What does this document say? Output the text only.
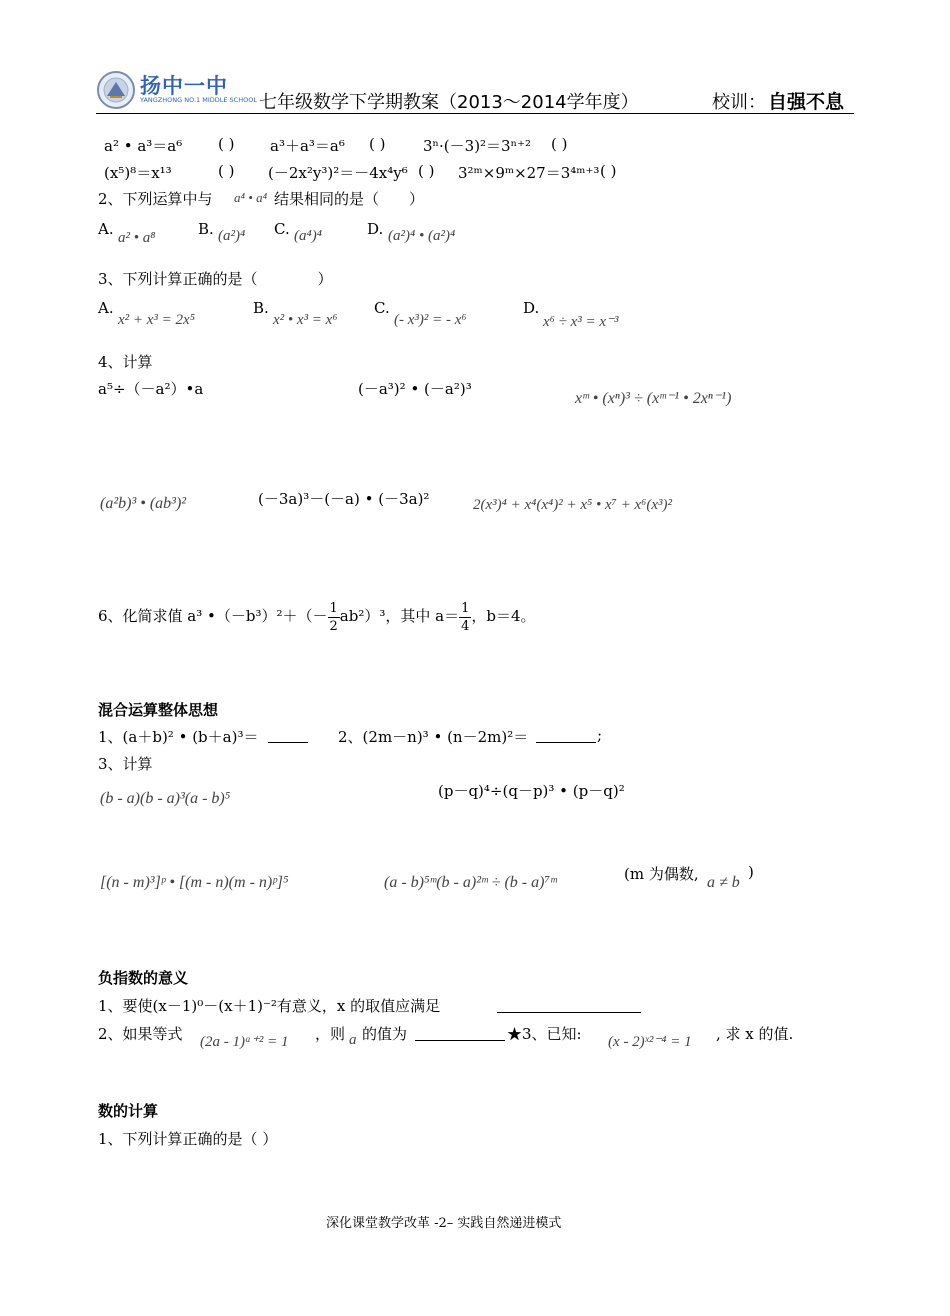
扬中一中
YANGZHONG NO.1 MIDDLE SCHOOL 七年级数学下学期教案（2013～2014学年度）	校训： 自强不息
a² • a³＝a⁶ ( ) a³＋a³＝a⁶ ( )	3ⁿ·(－3)²＝3ⁿ⁺² ( )
(x⁵)⁸＝x¹³	( ) (－2x²y³)²＝－4x⁴y⁶ ( ) 3²ᵐ×9ᵐ×27＝3⁴ᵐ⁺³ ( )
2、下列运算中与 a⁴ • a⁴ 结果相同的是（　　）
A. a² • a⁸	B. (a²)⁴ C. (a⁴)⁴	D. (a²)⁴ • (a²)⁴
3、下列计算正确的是（　　　　）
A.
x² + x³ = 2x⁵
B.
x² • x³ = x⁶
C.
(- x³)² = - x⁶
D.
x⁶ ÷ x³ = x⁻³
4、计算
a⁵÷（－a²）•a	(－a³)² • (－a²)³
xᵐ • (xⁿ)³ ÷ (xᵐ⁻¹ • 2xⁿ⁻¹)
(a²b)³ • (ab³)²	(－3a)³－(－a) • (－3a)²	2(x³)⁴ + x⁴(x⁴)² + x⁵ • x⁷ + x⁶(x³)²
6、化简求值 a³ •（－b³）²＋（－ $\frac{1}{2} ab^2)^3$，其中 $a= \frac{1}{4}$ ，b＝4。
混合运算整体思想
1、(a＋b)² • (b＋a)³＝	2、(2m－n)³ • (n－2m)²＝	;
3、计算
(b - a)(b - a)³(a - b)⁵	(p－q)⁴÷(q－p)³ • (p－q)²
[(n - m)³]ᵖ • [(m - n)(m - n)ᵖ]⁵	(a - b)⁵ᵐ(b - a)²ᵐ ÷ (b - a)⁷ᵐ	(m 为偶数, a ≠ b
)
负指数的意义
1、要使(x－1)⁰－(x＋1)⁻²有意义，x 的取值应满足
2、如果等式 (2a - 1)ᵃ⁺² = 1 ，则 a 的值为	★3、已知: (x - 2)ˣ²⁻⁴ = 1 , 求 x 的值.
数的计算
1、下列计算正确的是（ ）
深化课堂教学改革 -2– 实践自然递进模式
